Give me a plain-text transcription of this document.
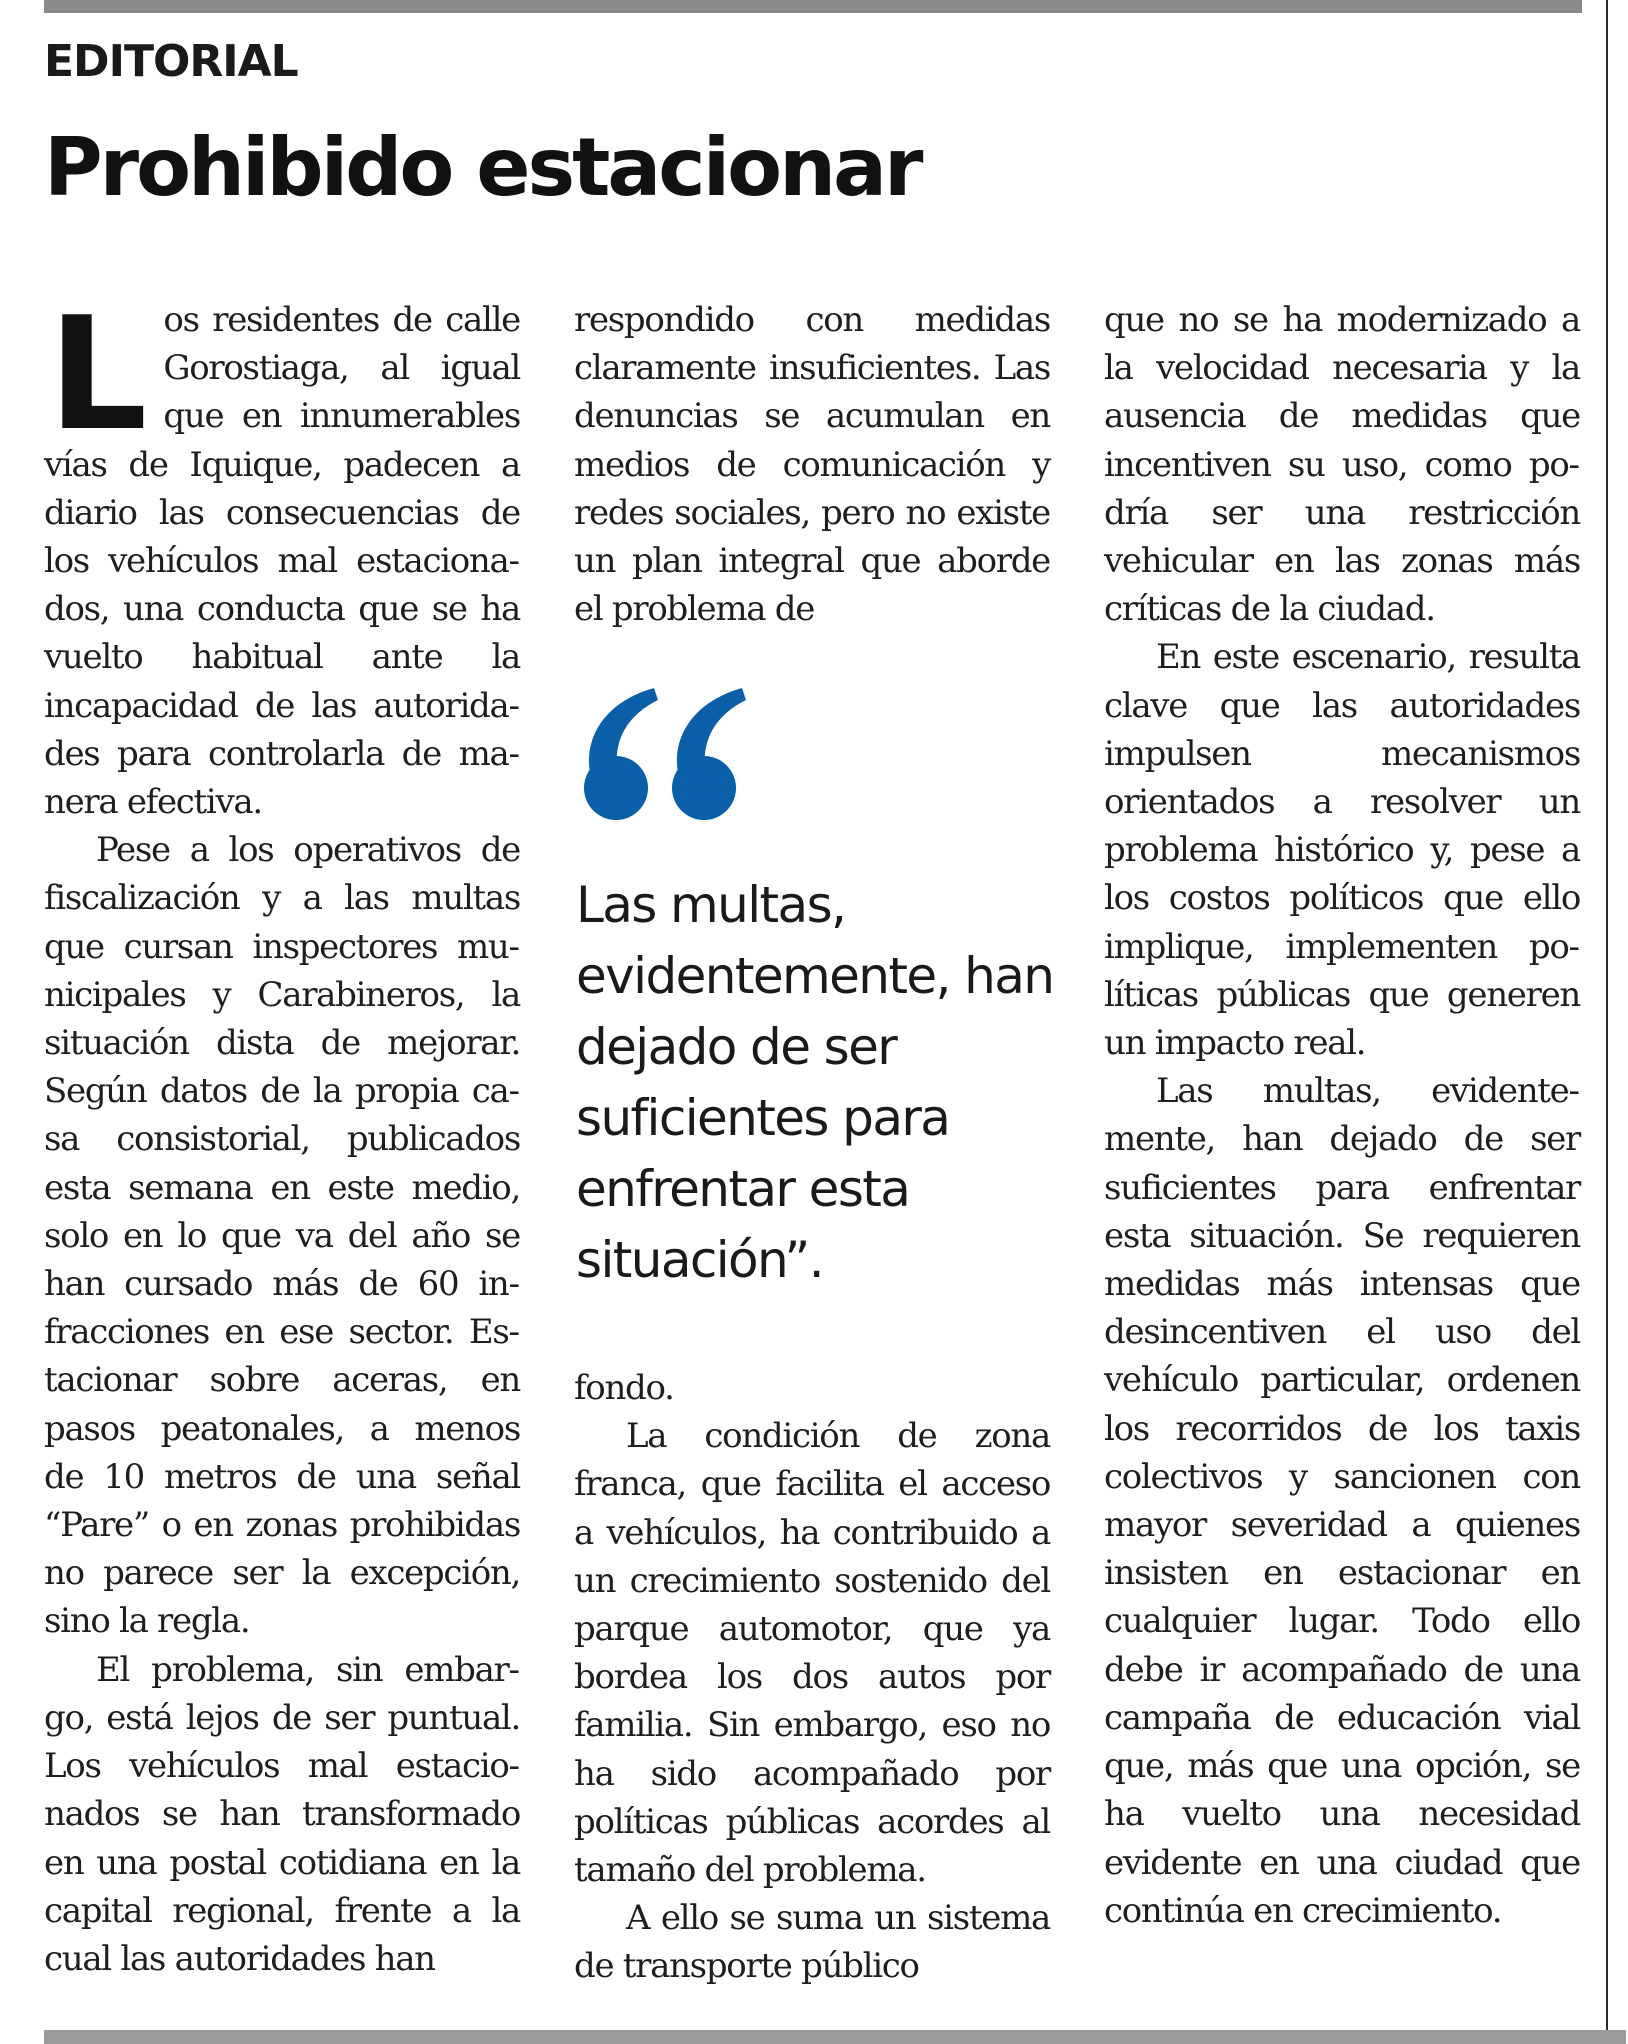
EDITORIAL
Prohibido estacionar

Los residentes de calle Gorostiaga, al igual que en innumerables vías de Iquique, padecen a diario las consecuencias de los vehículos mal estacionados, una conducta que se ha vuelto habitual ante la incapacidad de las autoridades para controlarla de manera efectiva.

Pese a los operativos de fiscalización y a las multas que cursan inspectores municipales y Carabineros, la situación dista de mejorar. Según datos de la propia casa consistorial, publicados esta semana en este medio, solo en lo que va del año se han cursado más de 60 infracciones en ese sector. Estacionar sobre aceras, en pasos peatonales, a menos de 10 metros de una señal “Pare” o en zonas prohibidas no parece ser la excepción, sino la regla.

El problema, sin embargo, está lejos de ser puntual. Los vehículos mal estacionados se han transformado en una postal cotidiana en la capital regional, frente a la cual las autoridades han

respondido con medidas claramente insuficientes. Las denuncias se acumulan en medios de comunicación y redes sociales, pero no existe un plan integral que aborde el problema de

Las multas, evidentemente, han dejado de ser suficientes para enfrentar esta situación”.

fondo.

La condición de zona franca, que facilita el acceso a vehículos, ha contribuido a un crecimiento sostenido del parque automotor, que ya bordea los dos autos por familia. Sin embargo, eso no ha sido acompañado por políticas públicas acordes al tamaño del problema.

A ello se suma un sistema de transporte público

que no se ha modernizado a la velocidad necesaria y la ausencia de medidas que incentiven su uso, como podría ser una restricción vehicular en las zonas más críticas de la ciudad.

En este escenario, resulta clave que las autoridades impulsen mecanismos orientados a resolver un problema histórico y, pese a los costos políticos que ello implique, implementen políticas públicas que generen un impacto real.

Las multas, evidentemente, han dejado de ser suficientes para enfrentar esta situación. Se requieren medidas más intensas que desincentiven el uso del vehículo particular, ordenen los recorridos de los taxis colectivos y sancionen con mayor severidad a quienes insisten en estacionar en cualquier lugar. Todo ello debe ir acompañado de una campaña de educación vial que, más que una opción, se ha vuelto una necesidad evidente en una ciudad que continúa en crecimiento.
